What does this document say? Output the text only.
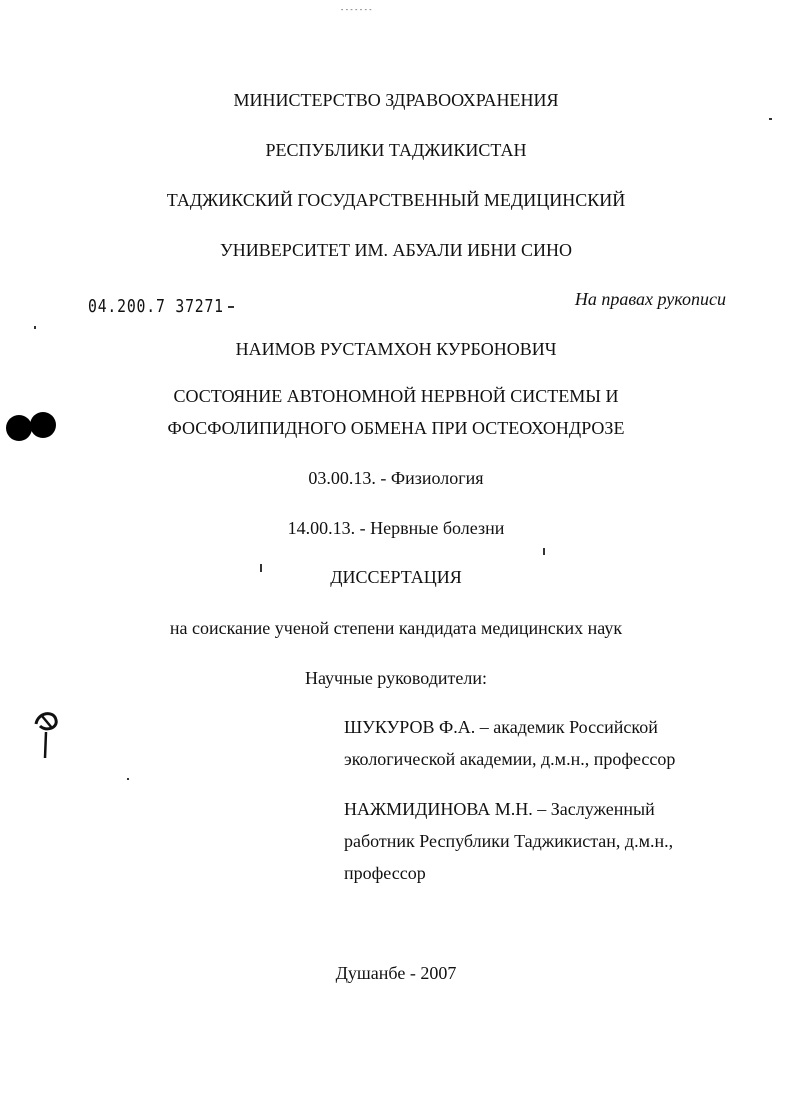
-------
МИНИСТЕРСТВО ЗДРАВООХРАНЕНИЯ
РЕСПУБЛИКИ ТАДЖИКИСТАН
ТАДЖИКСКИЙ ГОСУДАРСТВЕННЫЙ МЕДИЦИНСКИЙ
УНИВЕРСИТЕТ ИМ. АБУАЛИ ИБНИ СИНО
04.200.7 37271	На правах рукописи
НАИМОВ РУСТАМХОН КУРБОНОВИЧ
СОСТОЯНИЕ АВТОНОМНОЙ НЕРВНОЙ СИСТЕМЫ И
ФОСФОЛИПИДНОГО ОБМЕНА ПРИ ОСТЕОХОНДРОЗЕ
03.00.13. - Физиология
14.00.13. - Нервные болезни
ДИССЕРТАЦИЯ
на соискание ученой степени кандидата медицинских наук
Научные руководители:
ШУКУРОВ Ф.А. – академик Российской
экологической академии, д.м.н., профессор
НАЖМИДИНОВА М.Н. – Заслуженный
работник Республики Таджикистан, д.м.н.,
профессор
Душанбе - 2007
